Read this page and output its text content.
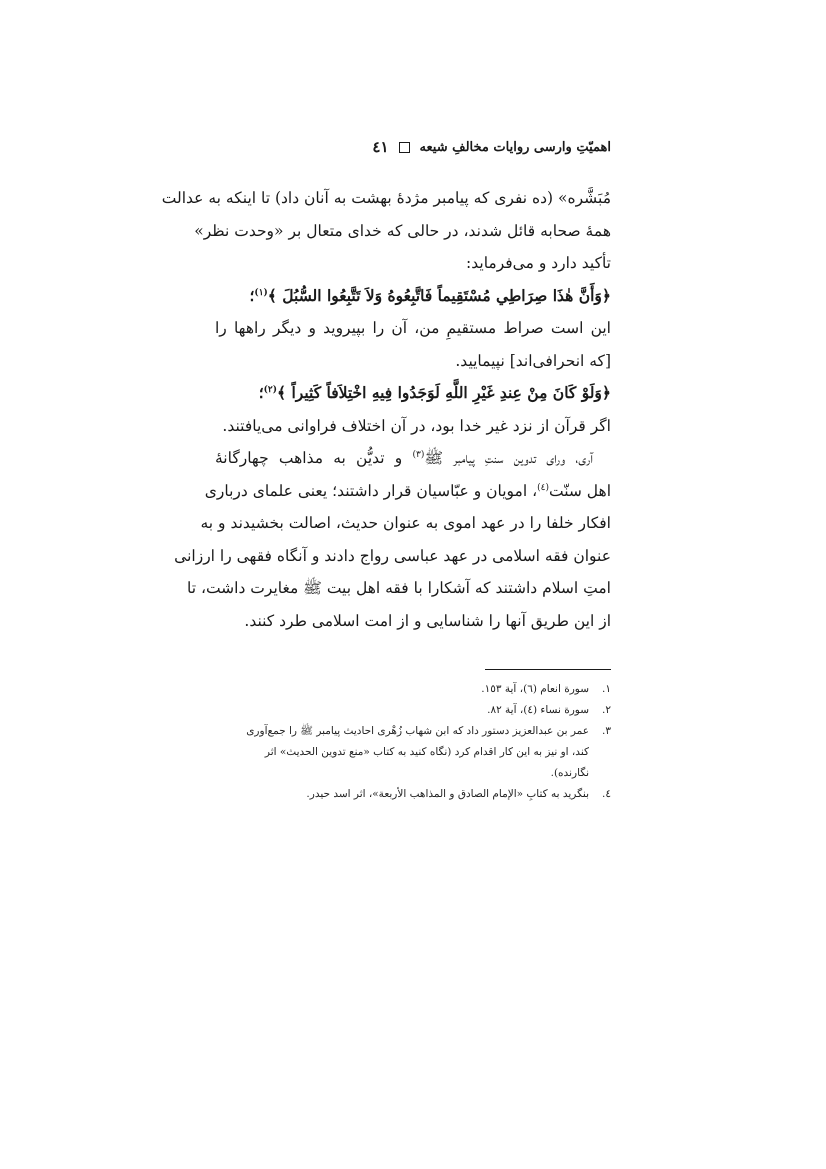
اهميّتِ وارسى روايات مخالفِ شيعه
٤١
مُبَشَّره» (ده نفرى كه پيامبر مژدهٔ بهشت به آنان داد) تا اينكه به عدالت
همهٔ صحابه قائل شدند، در حالى كه خداى متعال بر «وحدت نظر»
تأكيد دارد و مى‌فرمايد:
﴿وَأَنَّ هٰذَا صِرَاطِي مُسْتَقِيماً فَاتَّبِعُوهُ وَلاَ تَتَّبِعُوا السُّبُلَ ﴾$^{(١)}$؛
اين است صراط مستقيمِ من، آن را بپيرويد و ديگر راهها را
[كه انحرافى‌اند] نپيماييد.
﴿وَلَوْ كَانَ مِنْ عِندِ غَيْرِ اللَّهِ لَوَجَدُوا فِيهِ اخْتِلاَفاً كَثِيراً ﴾$^{(٢)}$؛
اگر قرآن از نزد غير خدا بود، در آن اختلاف فراوانى مى‌يافتند.
آرى، وراى تدوين سنتِ پيامبر ﷺ$^{(٣)}$ و تديُّن به مذاهب چهارگانهٔ
اهل سنّت$^{(٤)}$، امويان و عبّاسيان قرار داشتند؛ يعنى علماى دربارى
افكار خلفا را در عهد اموى به عنوان حديث، اصالت بخشيدند و به
عنوان فقه اسلامى در عهد عباسى رواج دادند و آنگاه فقهى را ارزانى
امتِ اسلام داشتند كه آشكارا با فقه اهل بيت ﷺ مغايرت داشت، تا
از اين طريق آنها را شناسايى و از امت اسلامى طرد كنند.
١.
سورة انعام (٦)، آية ١٥٣.
٢.
سورة نساء (٤)، آية ٨٢.
٣.
عمر بن عبدالعزيز دستور داد كه ابن شهاب زُهْرى احاديث پيامبر ﷺ را جمع‌آورى
كند، او نيز به اين كار اقدام كرد (نگاه كنيد به كتاب «منع تدوين الحديث» اثر
نگارنده).
٤.
بنگريد به كتابِ «الإمام الصادق و المذاهب الأربعة»، اثر اسد حيدر.
